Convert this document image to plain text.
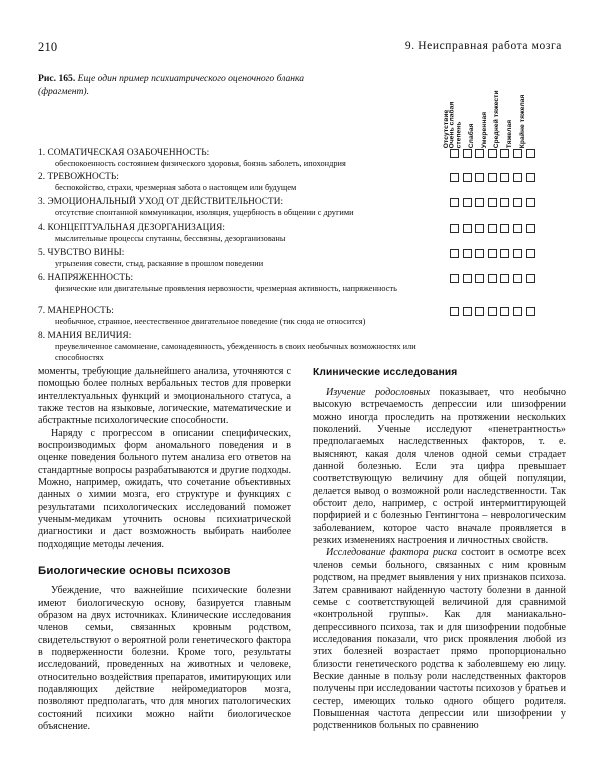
210	9. Неисправная работа мозга
Рис. 165. Еще один пример психиатрического оценочного бланка (фрагмент).
Отсутствие
Очень слабая степень Слабая Умеренная Средней тяжести Тяжелая Крайне тяжелая
1. СОМАТИЧЕСКАЯ ОЗАБОЧЕННОСТЬ:
обеспокоенность состоянием физического здоровья, боязнь заболеть, ипохондрия
2. ТРЕВОЖНОСТЬ:
беспокойство, страхи, чрезмерная забота о настоящем или будущем
3. ЭМОЦИОНАЛЬНЫЙ УХОД ОТ ДЕЙСТВИТЕЛЬНОСТИ:
отсутствие спонтанной коммуникации, изоляция, ущербность в общении с другими
4. КОНЦЕПТУАЛЬНАЯ ДЕЗОРГАНИЗАЦИЯ:
мыслительные процессы спутанны, бессвязны, дезорганизованы
5. ЧУВСТВО ВИНЫ:
угрызения совести, стыд, раскаяние в прошлом поведении
6. НАПРЯЖЕННОСТЬ:
физические или двигательные проявления нервозности, чрезмерная активность, напряженность
7. МАНЕРНОСТЬ:
необычное, странное, неестественное двигательное поведение (тик сюда не относится)
8. МАНИЯ ВЕЛИЧИЯ:
преувеличенное самомнение, самонадеянность, убежденность в своих необычных возможностях или способностях

моменты, требующие дальнейшего анализа, уточняются с помощью более полных вербальных тестов для проверки интеллектуальных функций и эмоционального статуса, а также тестов на языковые, логические, математические и абстрактные психологические способности.

Наряду с прогрессом в описании специфических, воспроизводимых форм аномального поведения и в оценке поведения больного путем анализа его ответов на стандартные вопросы разрабатываются и другие подходы. Можно, например, ожидать, что сочетание объективных данных о химии мозга, его структуре и функциях с результатами психологических исследований поможет ученым-медикам уточнить основы психиатрической диагностики и даст возможность выбирать наиболее подходящие методы лечения.

Биологические основы психозов

Убеждение, что важнейшие психические болезни имеют биологическую основу, базируется главным образом на двух источниках. Клинические исследования членов семьи, связанных кровным родством, свидетельствуют о вероятной роли генетического фактора в подверженности болезни. Кроме того, результаты исследований, проведенных на животных и человеке, относительно воздействия препаратов, имитирующих или подавляющих действие нейромедиаторов мозга, позволяют предполагать, что для многих патологических состояний психики можно найти биологическое объяснение.

Клинические исследования

Изучение родословных показывает, что необычно высокую встречаемость депрессии или шизофрении можно иногда проследить на протяжении нескольких поколений. Ученые исследуют «пенетрантность» предполагаемых наследственных факторов, т. е. выясняют, какая доля членов одной семьи страдает данной болезнью. Если эта цифра превышает соответствующую величину для общей популяции, делается вывод о возможной роли наследственности. Так обстоит дело, например, с острой интермиттирующей порфирией и с болезнью Гентингтона – неврологическим заболеванием, которое часто вначале проявляется в резких изменениях настроения и личностных свойств.

Исследование фактора риска состоит в осмотре всех членов семьи больного, связанных с ним кровным родством, на предмет выявления у них признаков психоза. Затем сравнивают найденную частоту болезни в данной семье с соответствующей величиной для сравнимой «контрольной группы». Как для маниакально-депрессивного психоза, так и для шизофрении подобные исследования показали, что риск проявления любой из этих болезней возрастает прямо пропорционально близости генетического родства к заболевшему ею лицу. Веские данные в пользу роли наследственных факторов получены при исследовании частоты психозов у братьев и сестер, имеющих только одного общего родителя. Повышенная частота депрессии или шизофрении у родственников больных по сравнению
